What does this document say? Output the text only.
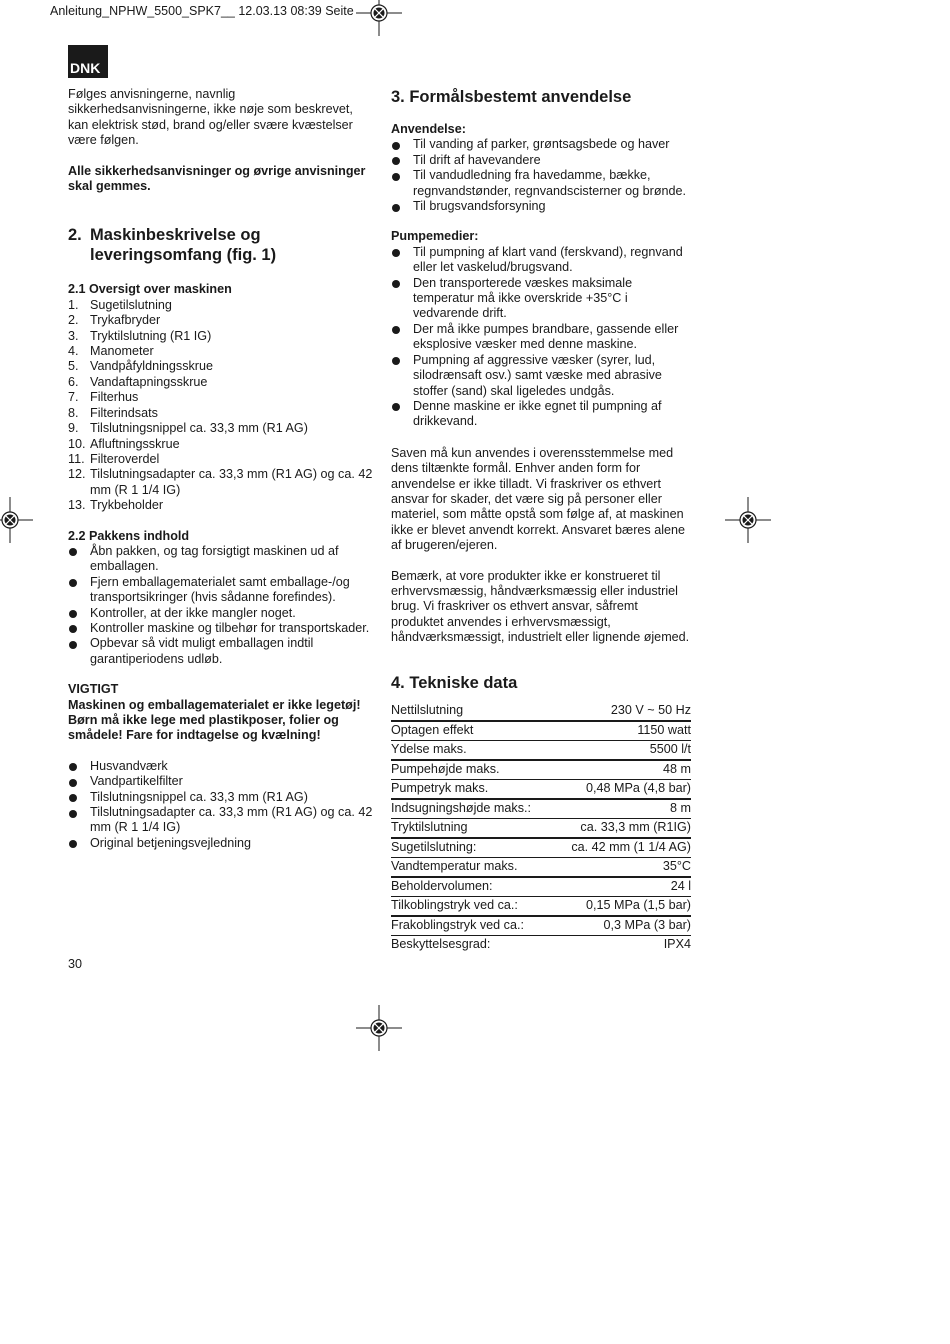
Anleitung_NPHW_5500_SPK7__ 12.03.13 08:39 Seite
DNK

Følges anvisningerne, navnlig sikkerhedsanvisningerne, ikke nøje som beskrevet, kan elektrisk stød, brand og/eller svære kvæstelser være følgen.

Alle sikkerhedsanvisninger og øvrige anvisninger skal gemmes.

2. Maskinbeskrivelse og leveringsomfang (fig. 1)

2.1 Oversigt over maskinen

1. Sugetilslutning
2. Trykafbryder
3. Tryktilslutning (R1 IG)
4. Manometer
5. Vandpåfyldningsskrue
6. Vandaftapningsskrue
7. Filterhus
8. Filterindsats
9. Tilslutningsnippel ca. 33,3 mm (R1 AG)
10. Afluftningsskrue
11. Filteroverdel
12. Tilslutningsadapter ca. 33,3 mm (R1 AG) og ca. 42 mm (R 1 1/4 IG)
13. Trykbeholder

2.2 Pakkens indhold

Åbn pakken, og tag forsigtigt maskinen ud af emballagen.
Fjern emballagematerialet samt emballage-/og transportsikringer (hvis sådanne forefindes).
Kontroller, at der ikke mangler noget.
Kontroller maskine og tilbehør for transportskader.
Opbevar så vidt muligt emballagen indtil garantiperiodens udløb.

VIGTIGT

Maskinen og emballagematerialet er ikke legetøj! Børn må ikke lege med plastikposer, folier og smådele! Fare for indtagelse og kvælning!

Husvandværk
Vandpartikelfilter
Tilslutningsnippel ca. 33,3 mm (R1 AG)
Tilslutningsadapter ca. 33,3 mm (R1 AG) og ca. 42 mm (R 1 1/4 IG)
Original betjeningsvejledning
3. Formålsbestemt anvendelse

Anvendelse:

Til vanding af parker, grøntsagsbede og haver
Til drift af havevandere
Til vandudledning fra havedamme, bække, regnvandstønder, regnvandscisterner og brønde.
Til brugsvandsforsyning

Pumpemedier:

Til pumpning af klart vand (ferskvand), regnvand eller let vaskelud/brugsvand.
Den transporterede væskes maksimale temperatur må ikke overskride +35°C i vedvarende drift.
Der må ikke pumpes brandbare, gassende eller eksplosive væsker med denne maskine.
Pumpning af aggressive væsker (syrer, lud, silodrænsaft osv.) samt væske med abrasive stoffer (sand) skal ligeledes undgås.
Denne maskine er ikke egnet til pumpning af drikkevand.

Saven må kun anvendes i overensstemmelse med dens tiltænkte formål. Enhver anden form for anvendelse er ikke tilladt. Vi fraskriver os ethvert ansvar for skader, det være sig på personer eller materiel, som måtte opstå som følge af, at maskinen ikke er blevet anvendt korrekt. Ansvaret bæres alene af brugeren/ejeren.

Bemærk, at vore produkter ikke er konstrueret til erhvervsmæssig, håndværksmæssig eller industriel brug. Vi fraskriver os ethvert ansvar, såfremt produktet anvendes i erhvervsmæssigt, håndværksmæssigt, industrielt eller lignende øjemed.

4. Tekniske data
Nettilslutning	230 V ~ 50 Hz
Optagen effekt	1150 watt
Ydelse maks.	5500 l/t
Pumpehøjde maks.	48 m
Pumpetryk maks.	0,48 MPa (4,8 bar)
Indsugningshøjde maks.:	8 m
Tryktilslutning	ca. 33,3 mm (R1IG)
Sugetilslutning:	ca. 42 mm (1 1/4 AG)
Vandtemperatur maks.	35°C
Beholdervolumen:	24 l
Tilkoblingstryk ved ca.:	0,15 MPa (1,5 bar)
Frakoblingstryk ved ca.:	0,3 MPa (3 bar)
Beskyttelsesgrad:	IPX4
30
